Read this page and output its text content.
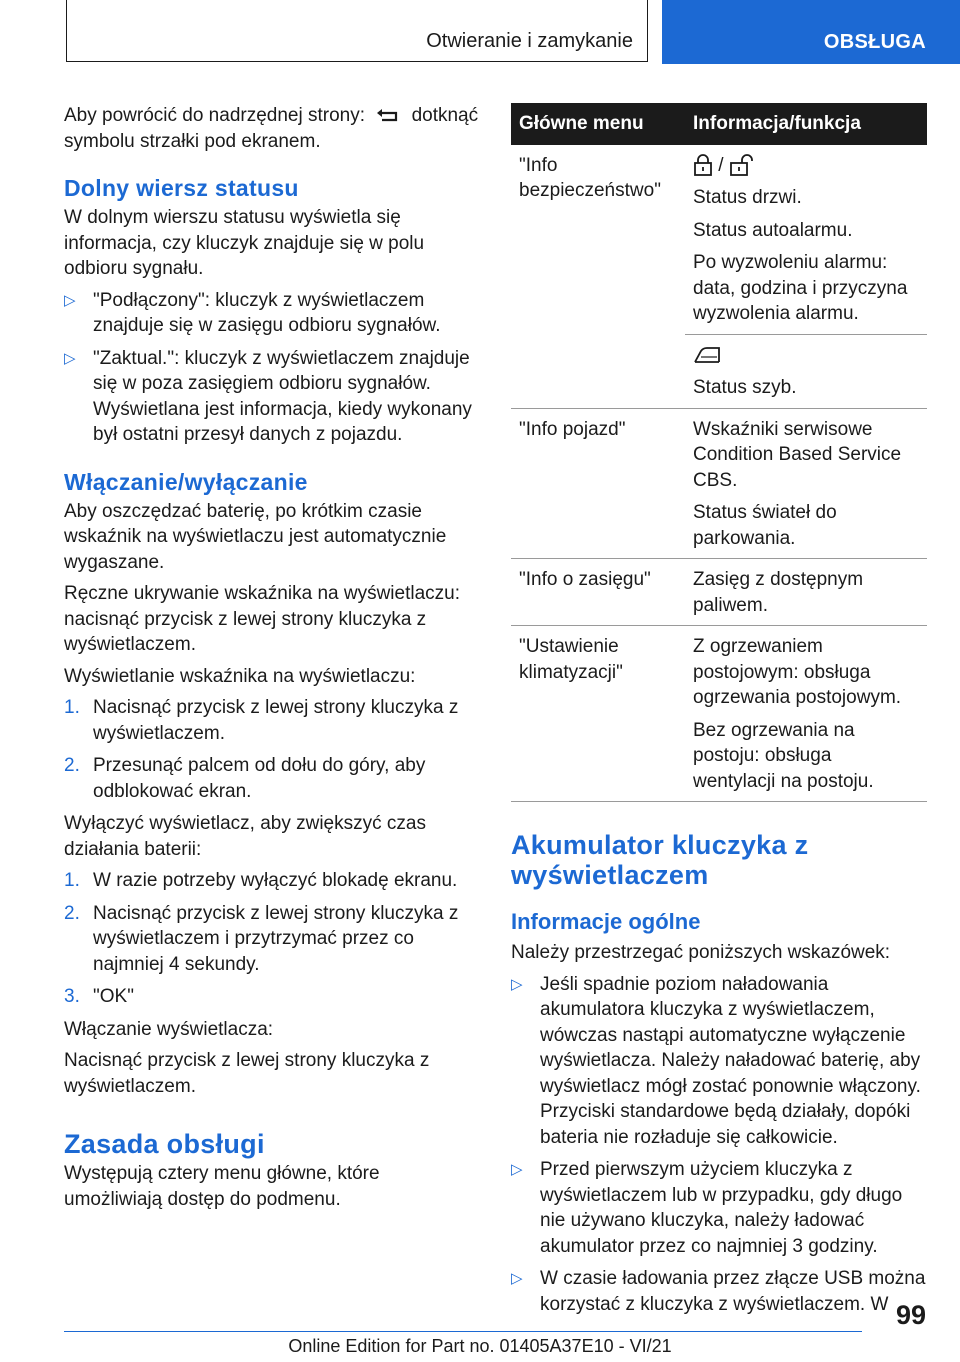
Otwieranie i zamykanie	OBSŁUGA

Aby powrócić do nadrzędnej strony: dotknąć
symbolu strzałki pod ekranem.

Dolny wiersz statusu

W dolnym wierszu statusu wyświetla się informacja, czy kluczyk znajduje się w polu odbioru sygnału.

▷ "Podłączony": kluczyk z wyświetlaczem znajduje się w zasięgu odbioru sygnałów.
▷ "Zaktual.": kluczyk z wyświetlaczem znajduje się w poza zasięgiem odbioru sygnałów. Wyświetlana jest informacja, kiedy wykonany był ostatni przesył danych z pojazdu.
Włączanie/wyłączanie

Aby oszczędzać baterię, po krótkim czasie wskaźnik na wyświetlaczu jest automatycznie wygaszane.

Ręczne ukrywanie wskaźnika na wyświetlaczu: nacisnąć przycisk z lewej strony kluczyka z wyświetlaczem.

Wyświetlanie wskaźnika na wyświetlaczu:

1. Nacisnąć przycisk z lewej strony kluczyka z wyświetlaczem.
2. Przesunąć palcem od dołu do góry, aby odblokować ekran.

Wyłączyć wyświetlacz, aby zwiększyć czas działania baterii:

1. W razie potrzeby wyłączyć blokadę ekranu.
2. Nacisnąć przycisk z lewej strony kluczyka z wyświetlaczem i przytrzymać przez co najmniej 4 sekundy.
3. "OK"

Włączanie wyświetlacza:

Nacisnąć przycisk z lewej strony kluczyka z wyświetlaczem.

Zasada obsługi

Występują cztery menu główne, które umożliwiają dostęp do podmenu.

Główne menu	Informacja/funkcja
"Info bezpieczeństwo"	/

Status drzwi.

Status autoalarmu.

Po wyzwoleniu alarmu: data, godzina i przyczyna wyzwolenia alarmu.

	Status szyb.

"Info pojazd"	Wskaźniki serwisowe Condition Based Service CBS.

Status świateł do parkowania.

"Info o zasięgu"	Zasięg z dostępnym paliwem.

"Ustawienie klimatyzacji"	Z ogrzewaniem postojowym: obsługa ogrzewania postojowym.

Bez ogrzewania na postoju: obsługa wentylacji na postoju.

Akumulator kluczyka z wyświetlaczem
Informacje ogólne

Należy przestrzegać poniższych wskazówek:

▷ Jeśli spadnie poziom naładowania akumulatora kluczyka z wyświetlaczem, wówczas nastąpi automatyczne wyłączenie wyświetlacza. Należy naładować baterię, aby wyświetlacz mógł zostać ponownie włączony. Przyciski standardowe będą działały, dopóki bateria nie rozładuje się całkowicie.
▷ Przed pierwszym użyciem kluczyka z wyświetlaczem lub w przypadku, gdy długo nie używano kluczyka, należy ładować akumulator przez co najmniej 3 godziny.
▷ W czasie ładowania przez złącze USB można korzystać z kluczyka z wyświetlaczem. W 99
Online Edition for Part no. 01405A37E10 - VI/21
